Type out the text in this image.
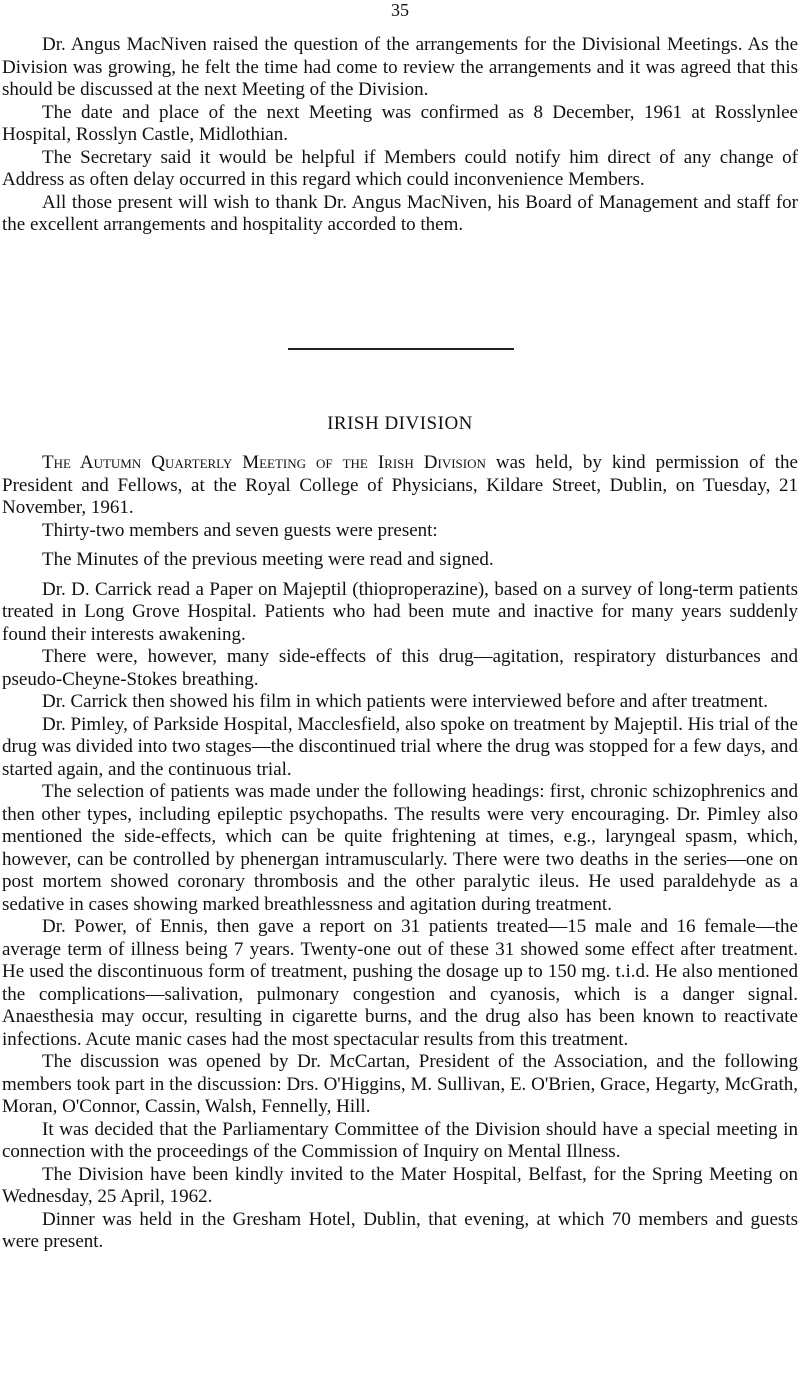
35

Dr. Angus MacNiven raised the question of the arrangements for the Divisional Meetings. As the Division was growing, he felt the time had come to review the arrangements and it was agreed that this should be discussed at the next Meeting of the Division.

The date and place of the next Meeting was confirmed as 8 December, 1961 at Rosslynlee Hospital, Rosslyn Castle, Midlothian.

The Secretary said it would be helpful if Members could notify him direct of any change of Address as often delay occurred in this regard which could inconvenience Members.

All those present will wish to thank Dr. Angus MacNiven, his Board of Management and staff for the excellent arrangements and hospitality accorded to them.

IRISH DIVISION

The Autumn Quarterly Meeting of the Irish Division was held, by kind permission of the President and Fellows, at the Royal College of Physicians, Kildare Street, Dublin, on Tuesday, 21 November, 1961.

Thirty-two members and seven guests were present:

The Minutes of the previous meeting were read and signed.

Dr. D. Carrick read a Paper on Majeptil (thioproperazine), based on a survey of long-term patients treated in Long Grove Hospital. Patients who had been mute and inactive for many years suddenly found their interests awakening.

There were, however, many side-effects of this drug—agitation, respiratory disturbances and pseudo-Cheyne-Stokes breathing.

Dr. Carrick then showed his film in which patients were interviewed before and after treatment.

Dr. Pimley, of Parkside Hospital, Macclesfield, also spoke on treatment by Majeptil. His trial of the drug was divided into two stages—the discontinued trial where the drug was stopped for a few days, and started again, and the continuous trial.

The selection of patients was made under the following headings: first, chronic schizophrenics and then other types, including epileptic psychopaths. The results were very encouraging. Dr. Pimley also mentioned the side-effects, which can be quite frightening at times, e.g., laryngeal spasm, which, however, can be controlled by phenergan intramuscularly. There were two deaths in the series—one on post mortem showed coronary thrombosis and the other paralytic ileus. He used paraldehyde as a sedative in cases showing marked breathlessness and agitation during treatment.

Dr. Power, of Ennis, then gave a report on 31 patients treated—15 male and 16 female—the average term of illness being 7 years. Twenty-one out of these 31 showed some effect after treatment. He used the discontinuous form of treatment, pushing the dosage up to 150 mg. t.i.d. He also mentioned the complications—salivation, pulmonary congestion and cyanosis, which is a danger signal. Anaesthesia may occur, resulting in cigarette burns, and the drug also has been known to reactivate infections. Acute manic cases had the most spectacular results from this treatment.

The discussion was opened by Dr. McCartan, President of the Association, and the following members took part in the discussion: Drs. O'Higgins, M. Sullivan, E. O'Brien, Grace, Hegarty, McGrath, Moran, O'Connor, Cassin, Walsh, Fennelly, Hill.

It was decided that the Parliamentary Committee of the Division should have a special meeting in connection with the proceedings of the Commission of Inquiry on Mental Illness.

The Division have been kindly invited to the Mater Hospital, Belfast, for the Spring Meeting on Wednesday, 25 April, 1962.

Dinner was held in the Gresham Hotel, Dublin, that evening, at which 70 members and guests were present.
